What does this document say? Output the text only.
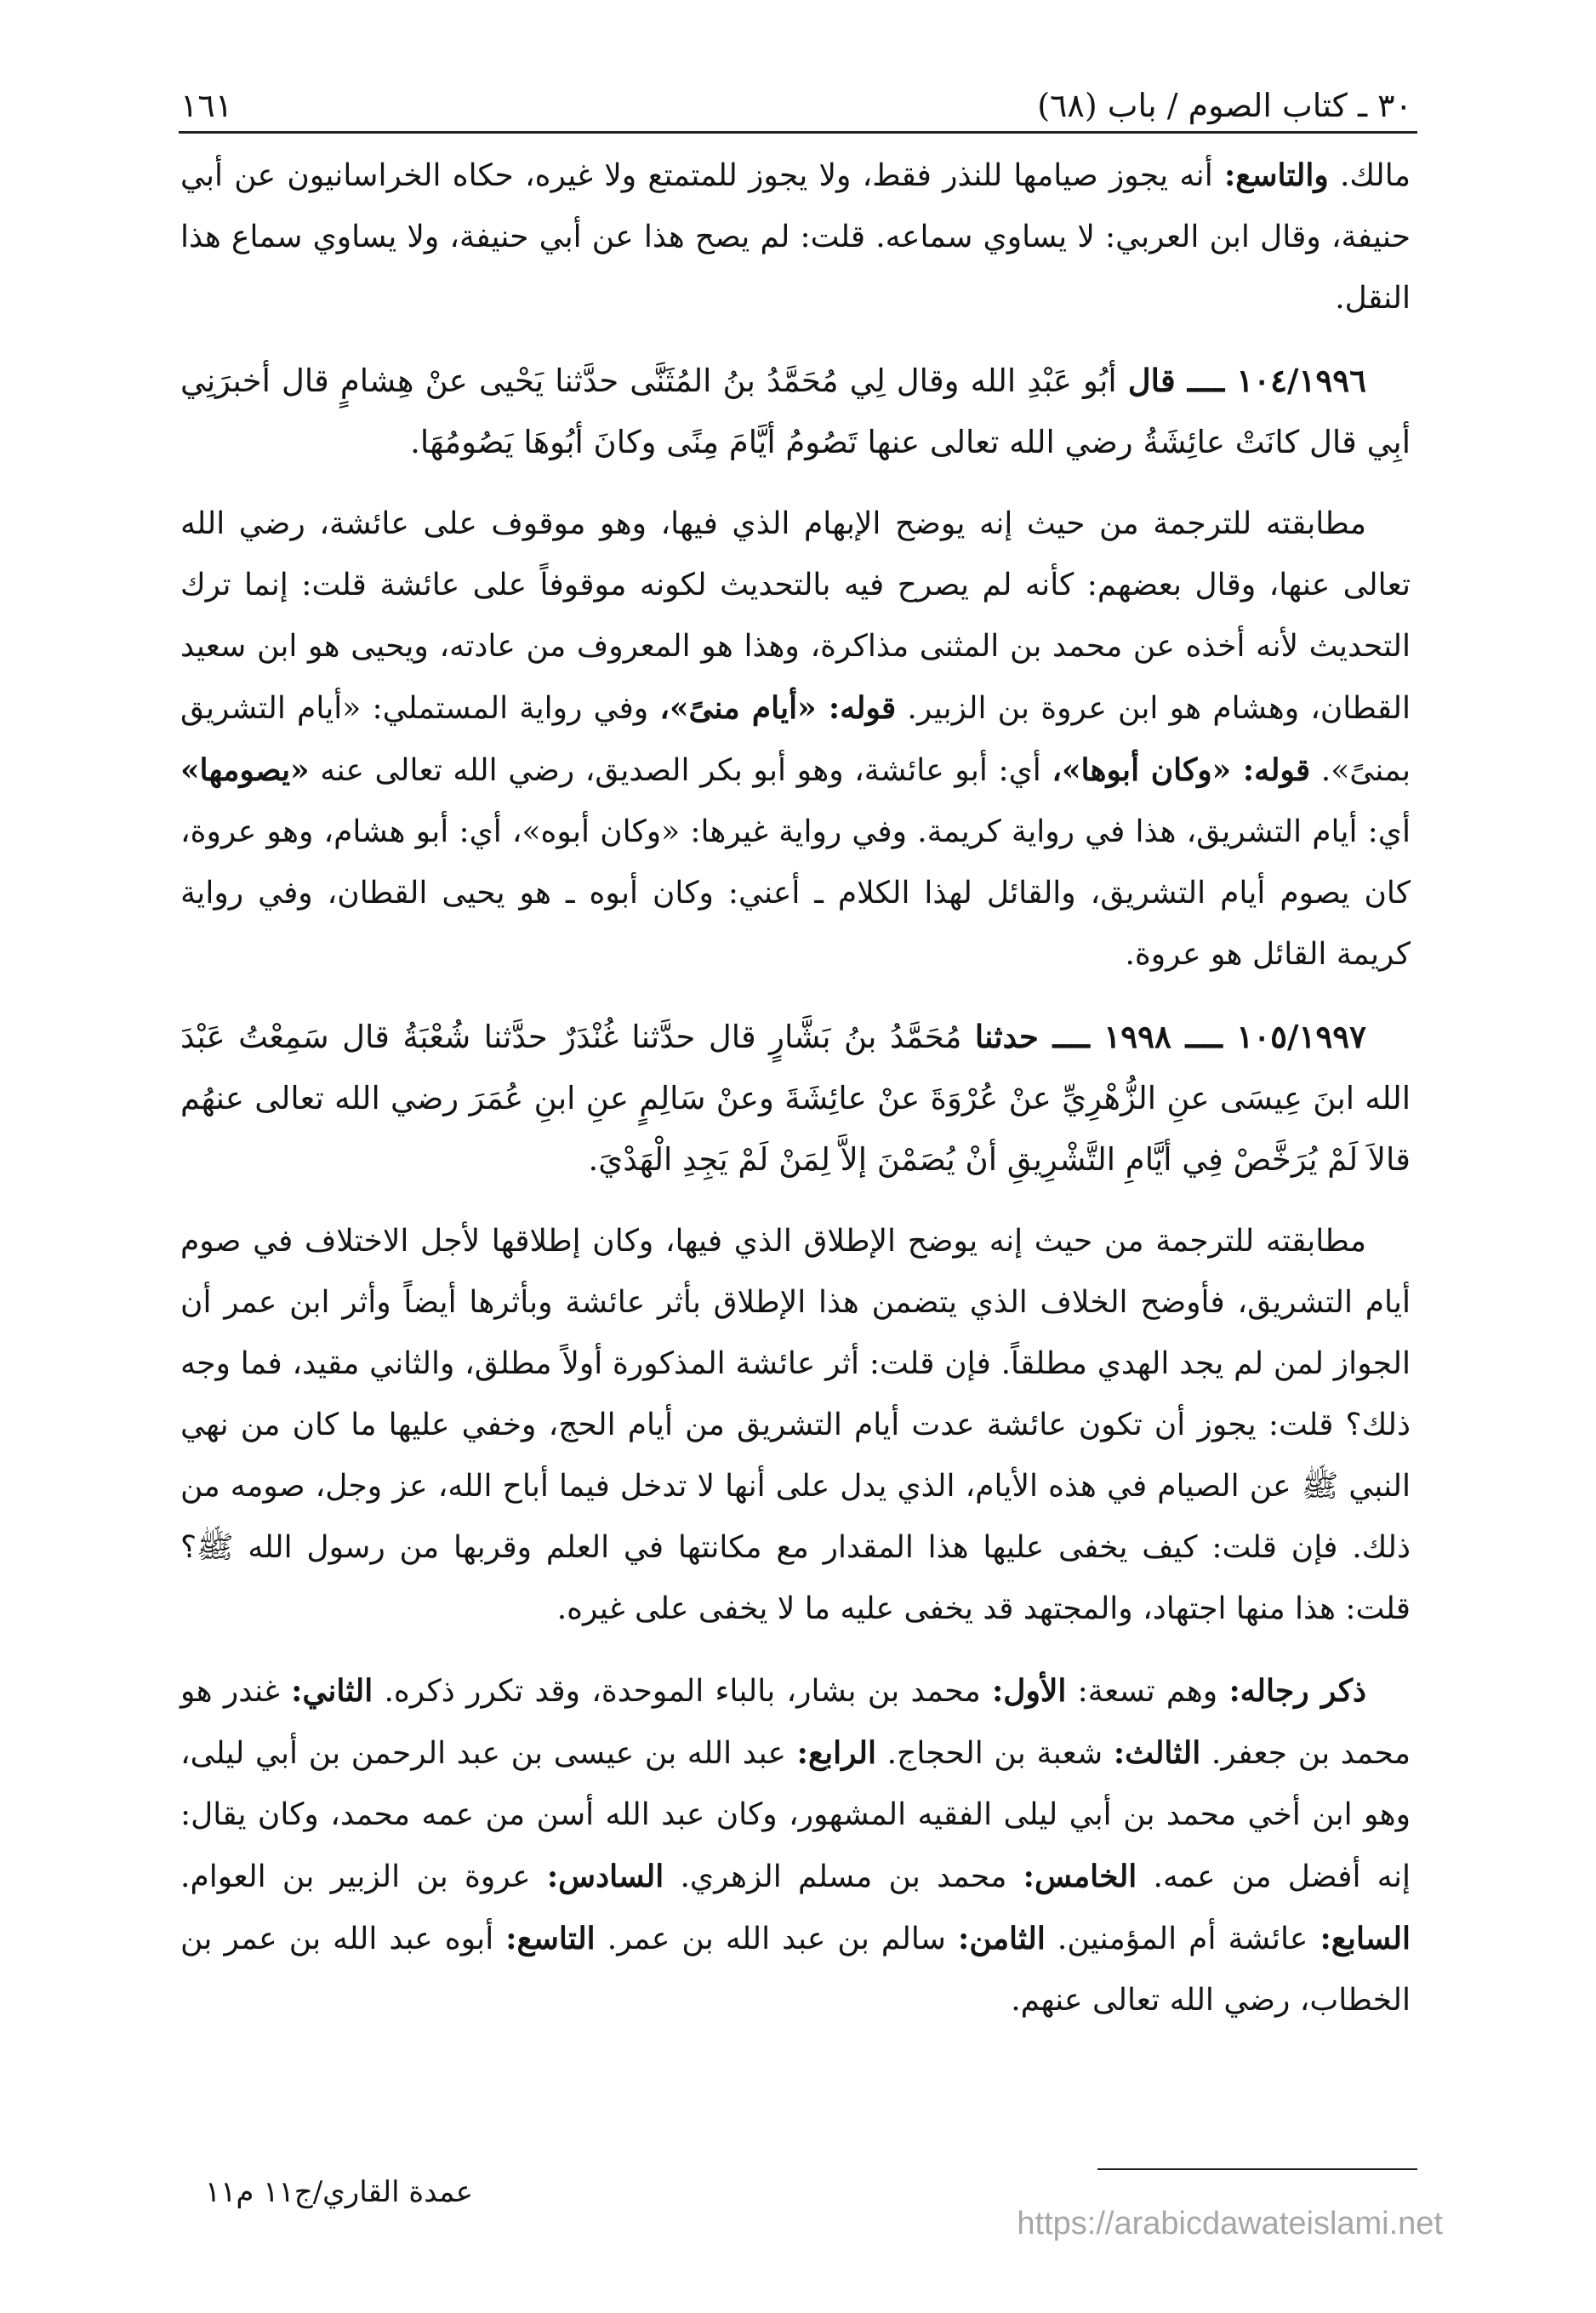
٣٠ ـ كتاب الصوم / باب (٦٨)
١٦١

مالك. والتاسع: أنه يجوز صيامها للنذر فقط، ولا يجوز للمتمتع ولا غيره، حكاه الخراسانيون عن أبي حنيفة، وقال ابن العربي: لا يساوي سماعه. قلت: لم يصح هذا عن أبي حنيفة، ولا يساوي سماع هذا النقل.

١٠٤/١٩٩٦ ــــ قال أبُو عَبْدِ الله وقال لِي مُحَمَّدُ بنُ المُثَنَّى حدَّثنا يَحْيى عنْ هِشامٍ قال أخبرَنِي أبِي قال كانَتْ عائِشَةُ رضي الله تعالى عنها تَصُومُ أيَّامَ مِنًى وكانَ أبُوهَا يَصُومُهَا.

مطابقته للترجمة من حيث إنه يوضح الإبهام الذي فيها، وهو موقوف على عائشة، رضي الله تعالى عنها، وقال بعضهم: كأنه لم يصرح فيه بالتحديث لكونه موقوفاً على عائشة قلت: إنما ترك التحديث لأنه أخذه عن محمد بن المثنى مذاكرة، وهذا هو المعروف من عادته، ويحيى هو ابن سعيد القطان، وهشام هو ابن عروة بن الزبير. قوله: «أيام منىً»، وفي رواية المستملي: «أيام التشريق بمنىً». قوله: «وكان أبوها»، أي: أبو عائشة، وهو أبو بكر الصديق، رضي الله تعالى عنه «يصومها» أي: أيام التشريق، هذا في رواية كريمة. وفي رواية غيرها: «وكان أبوه»، أي: أبو هشام، وهو عروة، كان يصوم أيام التشريق، والقائل لهذا الكلام ـ أعني: وكان أبوه ـ هو يحيى القطان، وفي رواية كريمة القائل هو عروة.

١٠٥/١٩٩٧ ــــ ١٩٩٨ ــــ حدثنا مُحَمَّدُ بنُ بَشَّارٍ قال حدَّثنا غُنْدَرٌ حدَّثنا شُعْبَةُ قال سَمِعْتُ عَبْدَ الله ابنَ عِيسَى عنِ الزُّهْرِيِّ عنْ عُرْوَةَ عنْ عائِشَةَ وعنْ سَالِمٍ عنِ ابنِ عُمَرَ رضي الله تعالى عنهُم قالاَ لَمْ يُرَخَّصْ فِي أيَّامِ التَّشْرِيقِ أنْ يُصَمْنَ إلاَّ لِمَنْ لَمْ يَجِدِ الْهَدْيَ.

مطابقته للترجمة من حيث إنه يوضح الإطلاق الذي فيها، وكان إطلاقها لأجل الاختلاف في صوم أيام التشريق، فأوضح الخلاف الذي يتضمن هذا الإطلاق بأثر عائشة وبأثرها أيضاً وأثر ابن عمر أن الجواز لمن لم يجد الهدي مطلقاً. فإن قلت: أثر عائشة المذكورة أولاً مطلق، والثاني مقيد، فما وجه ذلك؟ قلت: يجوز أن تكون عائشة عدت أيام التشريق من أيام الحج، وخفي عليها ما كان من نهي النبي ﷺ عن الصيام في هذه الأيام، الذي يدل على أنها لا تدخل فيما أباح الله، عز وجل، صومه من ذلك. فإن قلت: كيف يخفى عليها هذا المقدار مع مكانتها في العلم وقربها من رسول الله ﷺ؟ قلت: هذا منها اجتهاد، والمجتهد قد يخفى عليه ما لا يخفى على غيره.

ذكر رجاله: وهم تسعة: الأول: محمد بن بشار، بالباء الموحدة، وقد تكرر ذكره. الثاني: غندر هو محمد بن جعفر. الثالث: شعبة بن الحجاج. الرابع: عبد الله بن عيسى بن عبد الرحمن بن أبي ليلى، وهو ابن أخي محمد بن أبي ليلى الفقيه المشهور، وكان عبد الله أسن من عمه محمد، وكان يقال: إنه أفضل من عمه. الخامس: محمد بن مسلم الزهري. السادس: عروة بن الزبير بن العوام. السابع: عائشة أم المؤمنين. الثامن: سالم بن عبد الله بن عمر. التاسع: أبوه عبد الله بن عمر بن الخطاب، رضي الله تعالى عنهم.

عمدة القاري/ج١١ م١١
https://arabicdawateislami.net
